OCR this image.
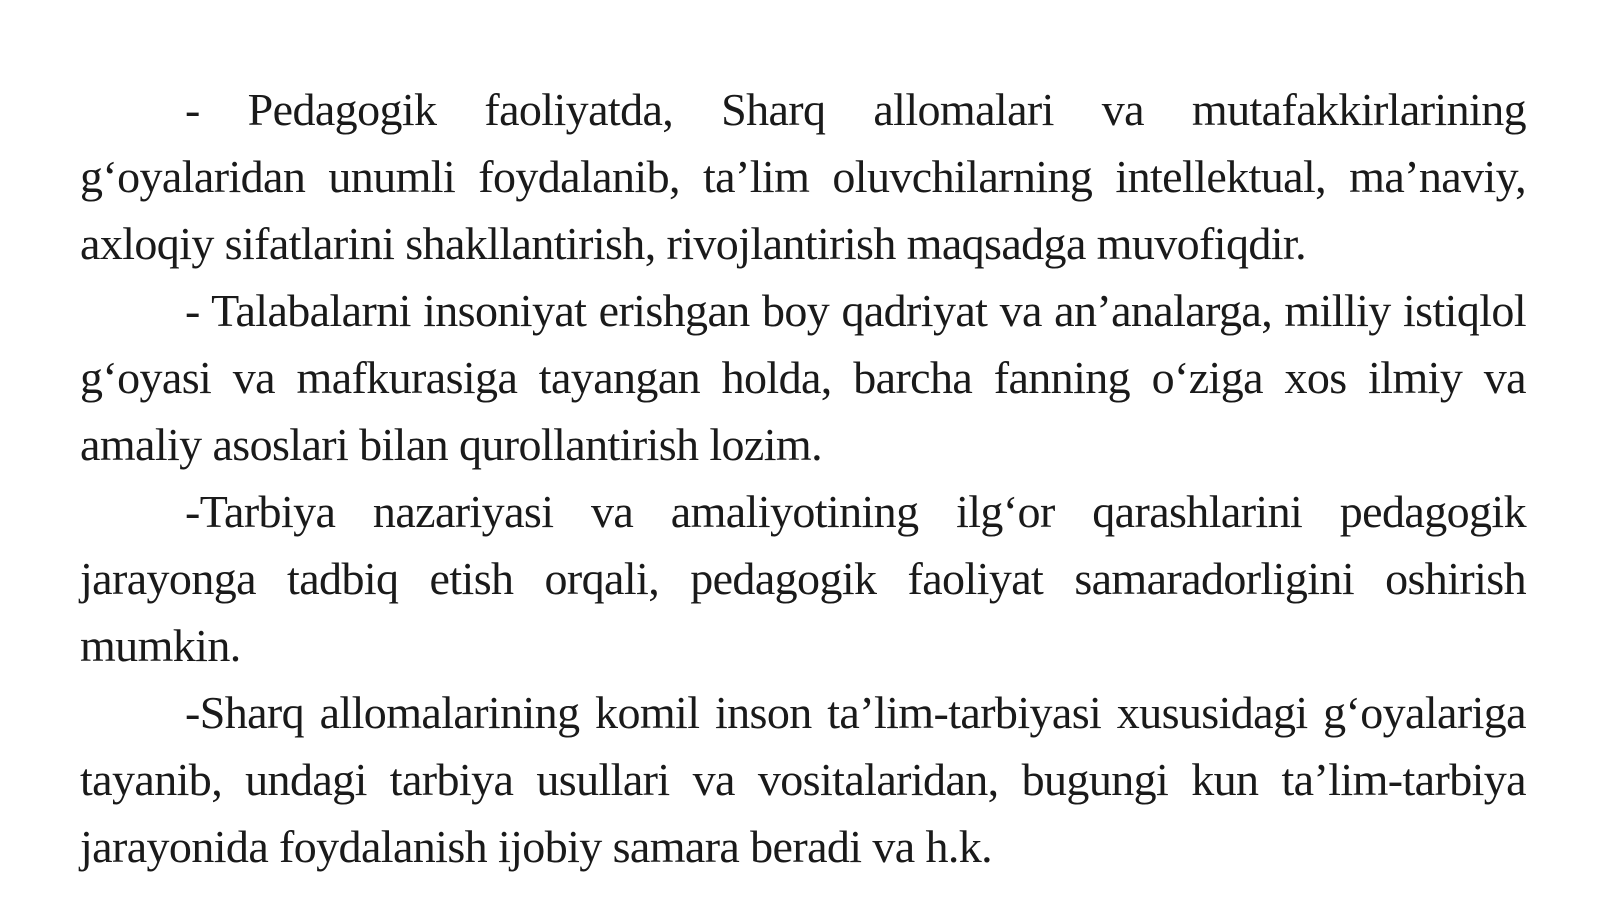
- Pedagogik faoliyatda, Sharq allomalari va mutafakkirlarining g‘oyalaridan unumli foydalanib, ta’lim oluvchilarning intellektual, ma’naviy, axloqiy sifatlarini shakllantirish, rivojlantirish maqsadga muvofiqdir.

- Talabalarni insoniyat erishgan boy qadriyat va an’analarga, milliy istiqlol g‘oyasi va mafkurasiga tayangan holda, barcha fanning o‘ziga xos ilmiy va amaliy asoslari bilan qurollantirish lozim.

-Tarbiya nazariyasi va amaliyotining ilg‘or qarashlarini pedagogik jarayonga tadbiq etish orqali, pedagogik faoliyat samaradorligini oshirish mumkin.

-Sharq allomalarining komil inson ta’lim-tarbiyasi xususidagi g‘oyalariga tayanib, undagi tarbiya usullari va vositalaridan, bugungi kun ta’lim-tarbiya jarayonida foydalanish ijobiy samara beradi va h.k.
